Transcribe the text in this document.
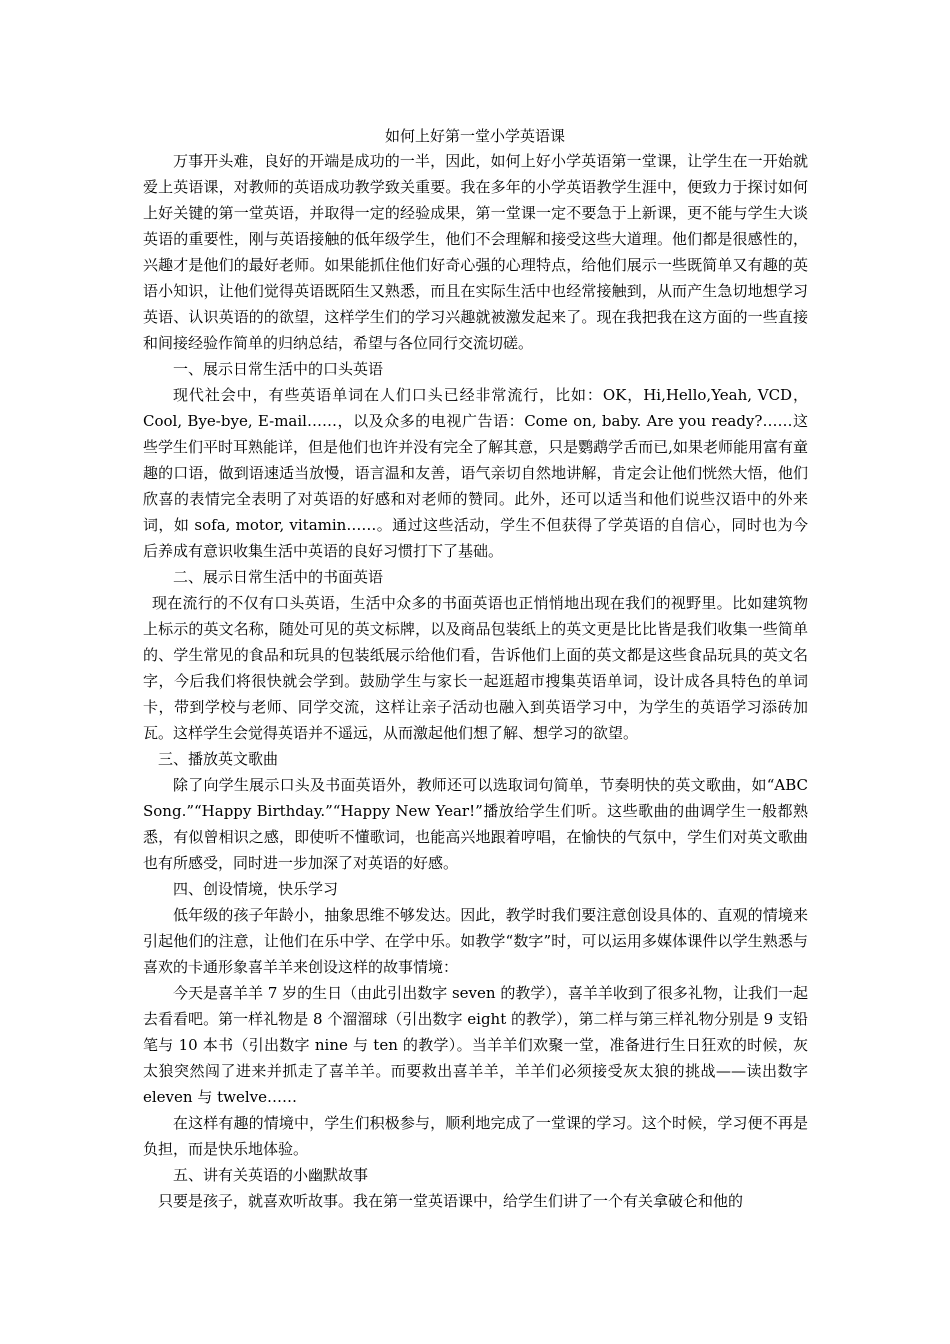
如何上好第一堂小学英语课

万事开头难，良好的开端是成功的一半，因此，如何上好小学英语第一堂课，让学生在一开始就爱上英语课，对教师的英语成功教学致关重要。我在多年的小学英语教学生涯中，便致力于探讨如何上好关键的第一堂英语，并取得一定的经验成果，第一堂课一定不要急于上新课，更不能与学生大谈英语的重要性，刚与英语接触的低年级学生，他们不会理解和接受这些大道理。他们都是很感性的，兴趣才是他们的最好老师。如果能抓住他们好奇心强的心理特点，给他们展示一些既简单又有趣的英语小知识，让他们觉得英语既陌生又熟悉，而且在实际生活中也经常接触到，从而产生急切地想学习英语、认识英语的的欲望，这样学生们的学习兴趣就被激发起来了。现在我把我在这方面的一些直接和间接经验作简单的归纳总结，希望与各位同行交流切磋。

一、展示日常生活中的口头英语

现代社会中，有些英语单词在人们口头已经非常流行，比如：OK，Hi,Hello,Yeah, VCD，Cool, Bye-bye, E-mail……，以及众多的电视广告语：Come on, baby. Are you ready?……这些学生们平时耳熟能详，但是他们也许并没有完全了解其意，只是鹦鹉学舌而已,如果老师能用富有童趣的口语，做到语速适当放慢，语言温和友善，语气亲切自然地讲解，肯定会让他们恍然大悟，他们欣喜的表情完全表明了对英语的好感和对老师的赞同。此外，还可以适当和他们说些汉语中的外来词，如 sofa, motor, vitamin……。通过这些活动，学生不但获得了学英语的自信心，同时也为今后养成有意识收集生活中英语的良好习惯打下了基础。

二、展示日常生活中的书面英语

现在流行的不仅有口头英语，生活中众多的书面英语也正悄悄地出现在我们的视野里。比如建筑物上标示的英文名称，随处可见的英文标牌，以及商品包装纸上的英文更是比比皆是我们收集一些简单的、学生常见的食品和玩具的包装纸展示给他们看，告诉他们上面的英文都是这些食品玩具的英文名字，今后我们将很快就会学到。鼓励学生与家长一起逛超市搜集英语单词，设计成各具特色的单词卡，带到学校与老师、同学交流，这样让亲子活动也融入到英语学习中，为学生的英语学习添砖加瓦。这样学生会觉得英语并不遥远，从而激起他们想了解、想学习的欲望。

三、播放英文歌曲

除了向学生展示口头及书面英语外，教师还可以选取词句简单，节奏明快的英文歌曲，如“ABC Song.”“Happy Birthday.”“Happy New Year!”播放给学生们听。这些歌曲的曲调学生一般都熟悉，有似曾相识之感，即使听不懂歌词，也能高兴地跟着哼唱，在愉快的气氛中，学生们对英文歌曲也有所感受，同时进一步加深了对英语的好感。

四、创设情境，快乐学习

低年级的孩子年龄小，抽象思维不够发达。因此，教学时我们要注意创设具体的、直观的情境来引起他们的注意，让他们在乐中学、在学中乐。如教学“数字”时，可以运用多媒体课件以学生熟悉与喜欢的卡通形象喜羊羊来创设这样的故事情境：

今天是喜羊羊 7 岁的生日（由此引出数字 seven 的教学），喜羊羊收到了很多礼物，让我们一起去看看吧。第一样礼物是 8 个溜溜球（引出数字 eight 的教学），第二样与第三样礼物分别是 9 支铅笔与 10 本书（引出数字 nine 与 ten 的教学）。当羊羊们欢聚一堂，准备进行生日狂欢的时候，灰太狼突然闯了进来并抓走了喜羊羊。而要救出喜羊羊，羊羊们必须接受灰太狼的挑战——读出数字 eleven 与 twelve……

在这样有趣的情境中，学生们积极参与，顺利地完成了一堂课的学习。这个时候，学习便不再是负担，而是快乐地体验。

五、讲有关英语的小幽默故事

只要是孩子，就喜欢听故事。我在第一堂英语课中，给学生们讲了一个有关拿破仑和他的
